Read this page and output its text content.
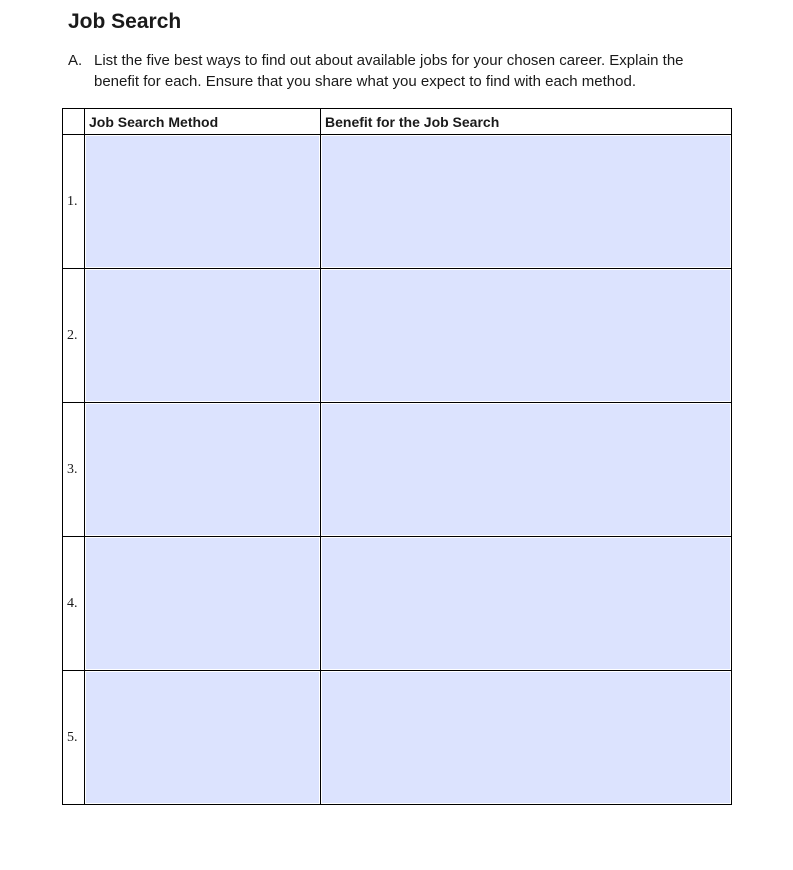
Job Search
A. List the five best ways to find out about available jobs for your chosen career. Explain the benefit for each. Ensure that you share what you expect to find with each method.
	Job Search Method	Benefit for the Job Search
1.	

2.	

3.	

4.	

5.	
